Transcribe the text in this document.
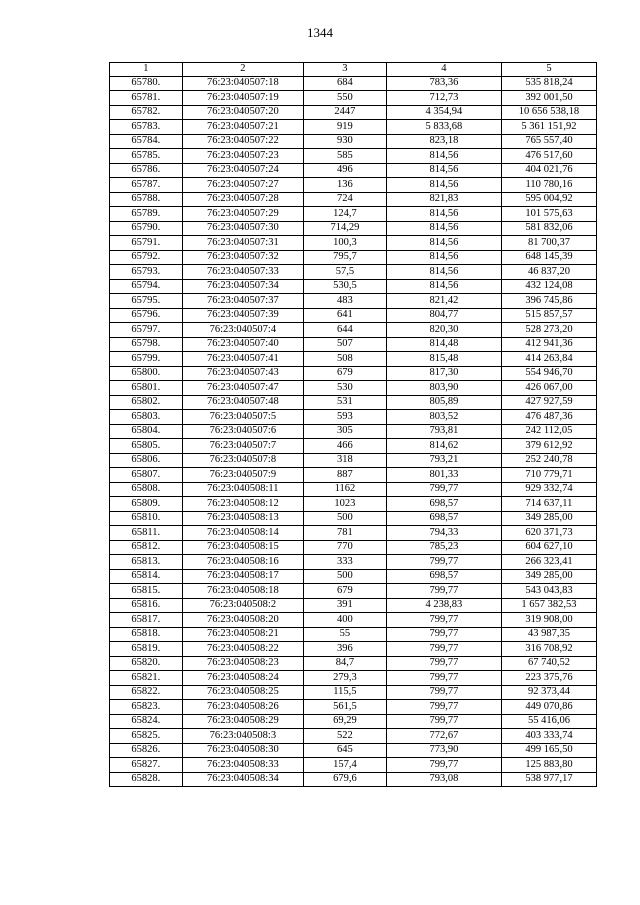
1344
1	2	3	4	5
65780.	76:23:040507:18	684	783,36	535 818,24
65781.	76:23:040507:19	550	712,73	392 001,50
65782.	76:23:040507:20	2447	4 354,94	10 656 538,18
65783.	76:23:040507:21	919	5 833,68	5 361 151,92
65784.	76:23:040507:22	930	823,18	765 557,40
65785.	76:23:040507:23	585	814,56	476 517,60
65786.	76:23:040507:24	496	814,56	404 021,76
65787.	76:23:040507:27	136	814,56	110 780,16
65788.	76:23:040507:28	724	821,83	595 004,92
65789.	76:23:040507:29	124,7	814,56	101 575,63
65790.	76:23:040507:30	714,29	814,56	581 832,06
65791.	76:23:040507:31	100,3	814,56	81 700,37
65792.	76:23:040507:32	795,7	814,56	648 145,39
65793.	76:23:040507:33	57,5	814,56	46 837,20
65794.	76:23:040507:34	530,5	814,56	432 124,08
65795.	76:23:040507:37	483	821,42	396 745,86
65796.	76:23:040507:39	641	804,77	515 857,57
65797.	76:23:040507:4	644	820,30	528 273,20
65798.	76:23:040507:40	507	814,48	412 941,36
65799.	76:23:040507:41	508	815,48	414 263,84
65800.	76:23:040507:43	679	817,30	554 946,70
65801.	76:23:040507:47	530	803,90	426 067,00
65802.	76:23:040507:48	531	805,89	427 927,59
65803.	76:23:040507:5	593	803,52	476 487,36
65804.	76:23:040507:6	305	793,81	242 112,05
65805.	76:23:040507:7	466	814,62	379 612,92
65806.	76:23:040507:8	318	793,21	252 240,78
65807.	76:23:040507:9	887	801,33	710 779,71
65808.	76:23:040508:11	1162	799,77	929 332,74
65809.	76:23:040508:12	1023	698,57	714 637,11
65810.	76:23:040508:13	500	698,57	349 285,00
65811.	76:23:040508:14	781	794,33	620 371,73
65812.	76:23:040508:15	770	785,23	604 627,10
65813.	76:23:040508:16	333	799,77	266 323,41
65814.	76:23:040508:17	500	698,57	349 285,00
65815.	76:23:040508:18	679	799,77	543 043,83
65816.	76:23:040508:2	391	4 238,83	1 657 382,53
65817.	76:23:040508:20	400	799,77	319 908,00
65818.	76:23:040508:21	55	799,77	43 987,35
65819.	76:23:040508:22	396	799,77	316 708,92
65820.	76:23:040508:23	84,7	799,77	67 740,52
65821.	76:23:040508:24	279,3	799,77	223 375,76
65822.	76:23:040508:25	115,5	799,77	92 373,44
65823.	76:23:040508:26	561,5	799,77	449 070,86
65824.	76:23:040508:29	69,29	799,77	55 416,06
65825.	76:23:040508:3	522	772,67	403 333,74
65826.	76:23:040508:30	645	773,90	499 165,50
65827.	76:23:040508:33	157,4	799,77	125 883,80
65828.	76:23:040508:34	679,6	793,08	538 977,17
